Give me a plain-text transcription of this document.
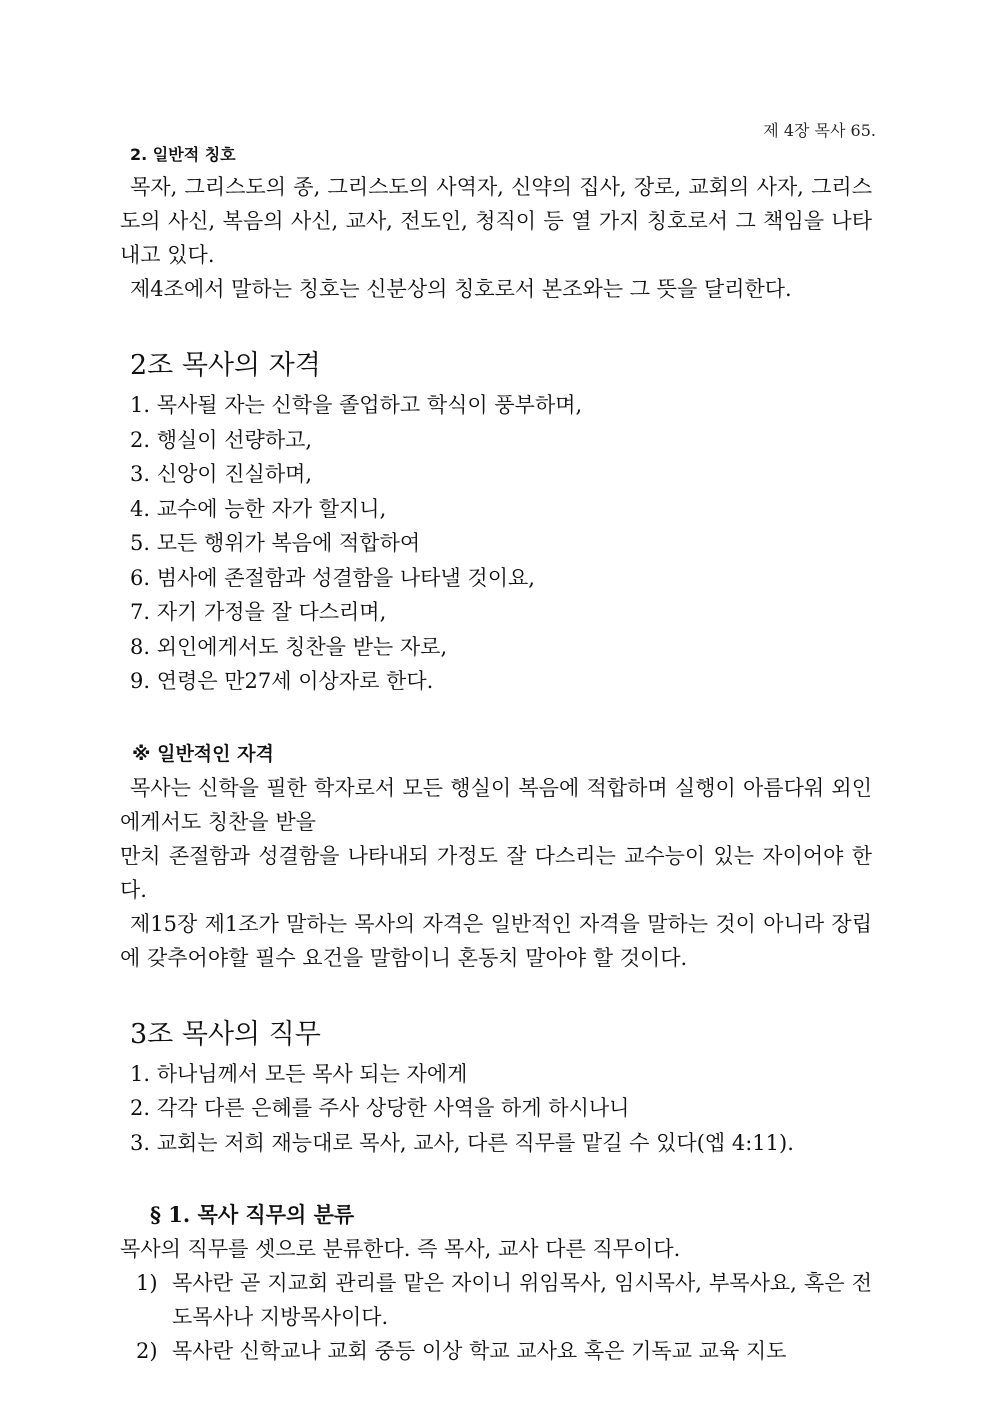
제 4장 목사 65.
2. 일반적 칭호

목자, 그리스도의 종, 그리스도의 사역자, 신약의 집사, 장로, 교회의 사자, 그리스도의 사신, 복음의 사신, 교사, 전도인, 청직이 등 열 가지 칭호로서 그 책임을 나타내고 있다.

제4조에서 말하는 칭호는 신분상의 칭호로서 본조와는 그 뜻을 달리한다.

2조 목사의 자격

1. 목사될 자는 신학을 졸업하고 학식이 풍부하며,

2. 행실이 선량하고,

3. 신앙이 진실하며,

4. 교수에 능한 자가 할지니,

5. 모든 행위가 복음에 적합하여

6. 범사에 존절함과 성결함을 나타낼 것이요,

7. 자기 가정을 잘 다스리며,

8. 외인에게서도 칭찬을 받는 자로,

9. 연령은 만27세 이상자로 한다.

※ 일반적인 자격

목사는 신학을 필한 학자로서 모든 행실이 복음에 적합하며 실행이 아름다워 외인에게서도 칭찬을 받을

만치 존절함과 성결함을 나타내되 가정도 잘 다스리는 교수능이 있는 자이어야 한다.

제15장 제1조가 말하는 목사의 자격은 일반적인 자격을 말하는 것이 아니라 장립에 갖추어야할 필수 요건을 말함이니 혼동치 말아야 할 것이다.

3조 목사의 직무

1. 하나님께서 모든 목사 되는 자에게

2. 각각 다른 은혜를 주사 상당한 사역을 하게 하시나니

3. 교회는 저희 재능대로 목사, 교사, 다른 직무를 맡길 수 있다(엡 4:11).

§ 1. 목사 직무의 분류

목사의 직무를 셋으로 분류한다. 즉 목사, 교사 다른 직무이다.

1) 목사란 곧 지교회 관리를 맡은 자이니 위임목사, 임시목사, 부목사요, 혹은 전도목사나 지방목사이다.
2) 목사란 신학교나 교회 중등 이상 학교 교사요 혹은 기독교 교육 지도
